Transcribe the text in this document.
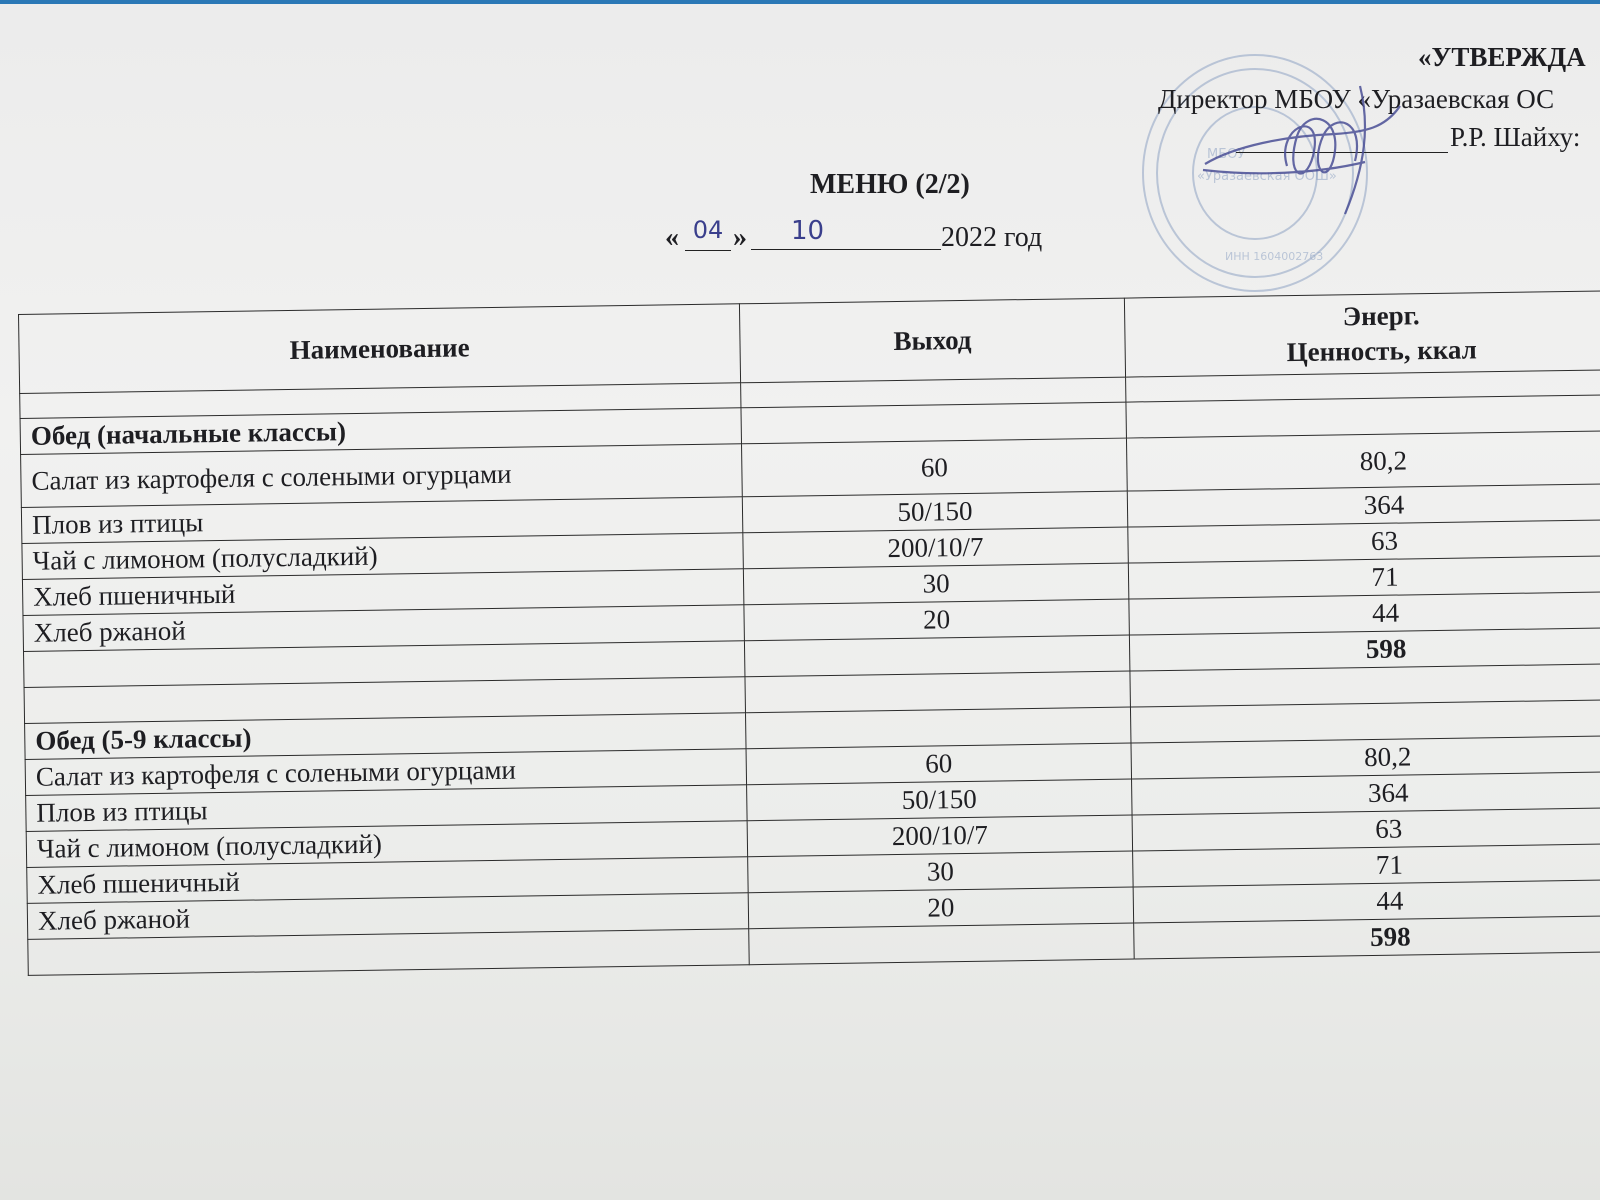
МБОУ
«Уразаевская ООШ»
ИНН 1604002763
«УТВЕРЖДА
Директор МБОУ «Уразаевская ОС
Р.Р. Шайху:
МЕНЮ (2/2)
« 04 »	10	2022 год
Наименование	Выход	Энерг.
Ценность, ккал

Обед (начальные классы)		
Салат из картофеля с солеными огурцами	60	80,2
Плов из птицы	50/150	364
Чай с лимоном (полусладкий)	200/10/7	63
Хлеб пшеничный	30	71
Хлеб ржаной	20	44
		598

Обед (5-9 классы)		
Салат из картофеля с солеными огурцами	60	80,2
Плов из птицы	50/150	364
Чай с лимоном (полусладкий)	200/10/7	63
Хлеб пшеничный	30	71
Хлеб ржаной	20	44
		598
